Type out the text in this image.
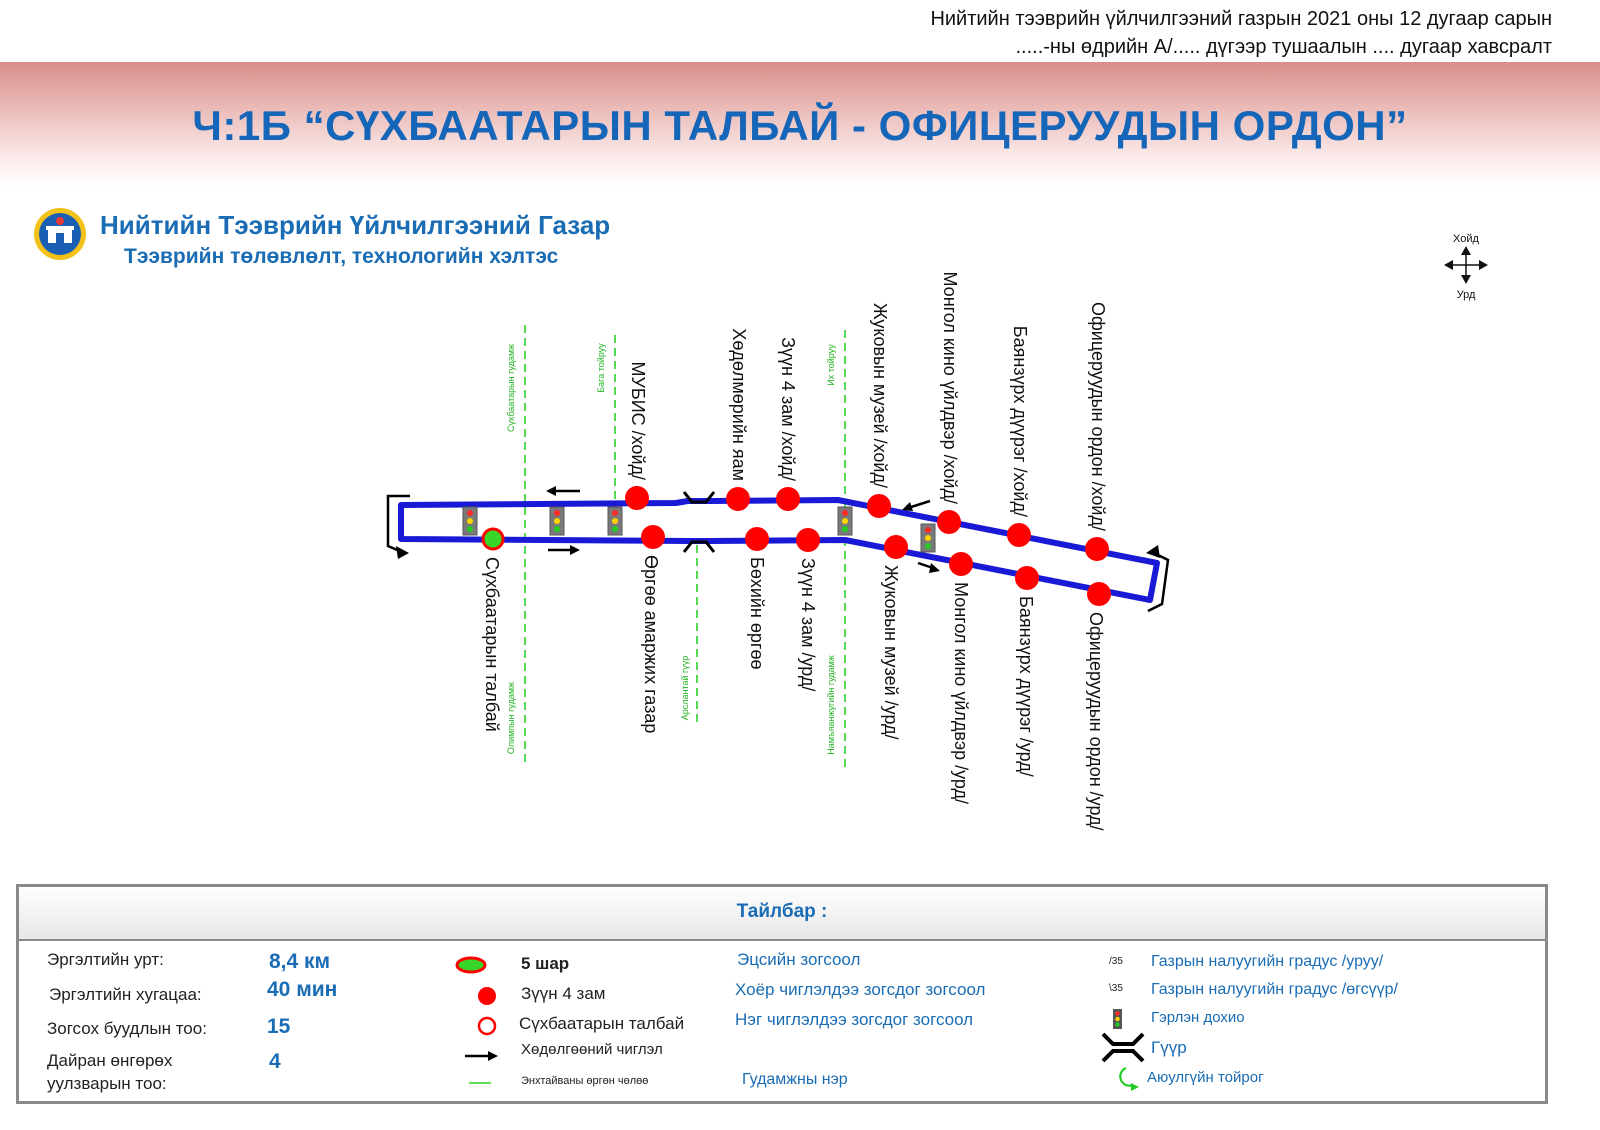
Нийтийн тээврийн үйлчилгээний газрын 2021 оны 12 дугаар сарын
.....-ны өдрийн А/..... дүгээр тушаалын .... дугаар хавсралт
Ч:1Б “СҮХБААТАРЫН ТАЛБАЙ - ОФИЦЕРУУДЫН ОРДОН”
Нийтийн Тээврийн Үйлчилгээний Газар
Тээврийн төлөвлөлт, технологийн хэлтэс
Хойд
Урд
Сүхбаатарын гудамж	Бага тойруу	Их тойруу
Олимпын гудамж	Арслантай гүүр	Намъяанжугийн гудамж
МУБИС /хойд/	Хөдөлмөрийн яам Зүүн 4 зам /хойд/	Жуковын музей /хойд/	Монгол кино үйлдвэр /хойд/	Баянзүрх дүүрэг /хойд/	Офицеруудын ордон /хойд/
Сүхбаатарын талбай	Өргөө амаржих газар	Бөхийн өргөө Зүүн 4 зам /урд/	Жуковын музей /урд/	Монгол кино үйлдвэр /урд/	Баянзүрх дүүрэг /урд/	Офицеруудын ордон /урд/
Тайлбар :
Эргэлтийн урт:	8,4 км
Эргэлтийн хугацаа:	40 мин
Зогсох буудлын тоо:	15
Дайран өнгөрөх уулзварын тоо:
4
5 шар
Зүүн 4 зам
Сүхбаатарын талбай
Хөдөлгөөний чиглэл
Энхтайваны өргөн чөлөө
Эцсийн зогсоол
Хоёр чиглэлдээ зогсдог зогсоол
Нэг чиглэлдээ зогсдог зогсоол
Гудамжны нэр
/35 Газрын налуугийн градус /уруу/
\35 Газрын налуугийн градус /өгсүүр/
Гэрлэн дохио
Гүүр
Аюулгүйн тойрог
